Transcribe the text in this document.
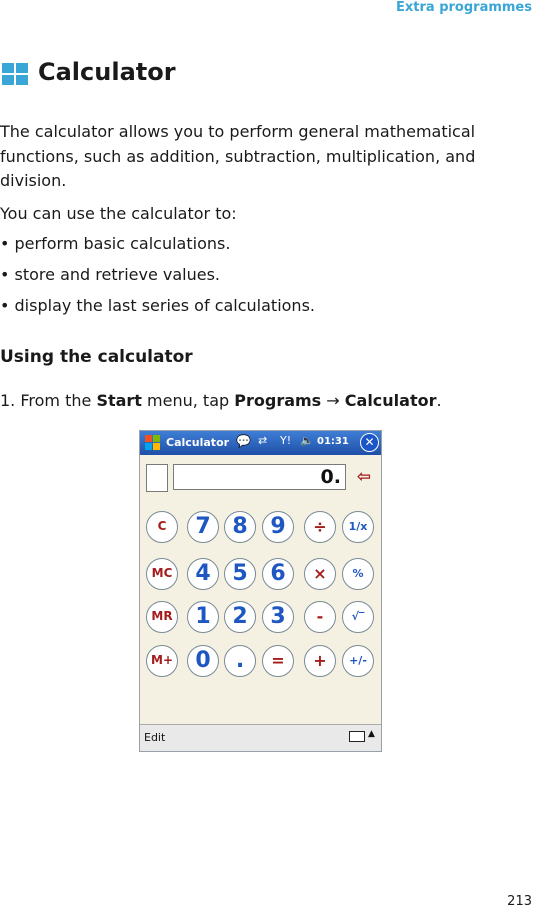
Extra programmes
Calculator

The calculator allows you to perform general mathematical functions, such as addition, subtraction, multiplication, and division.

You can use the calculator to:

• perform basic calculations.
• store and retrieve values.
• display the last series of calculations.
Using the calculator
1. From the Start menu, tap Programs → Calculator.
Calculator 💬 ⇄ Y! 🔈 01:31	✕
0. ⇦
C	7 8	9	÷	1/x
MC	4 5	6	×	%
MR	1 2	3	-	√‾
M+	0	.	=	+	+/-
Edit	▲
213
